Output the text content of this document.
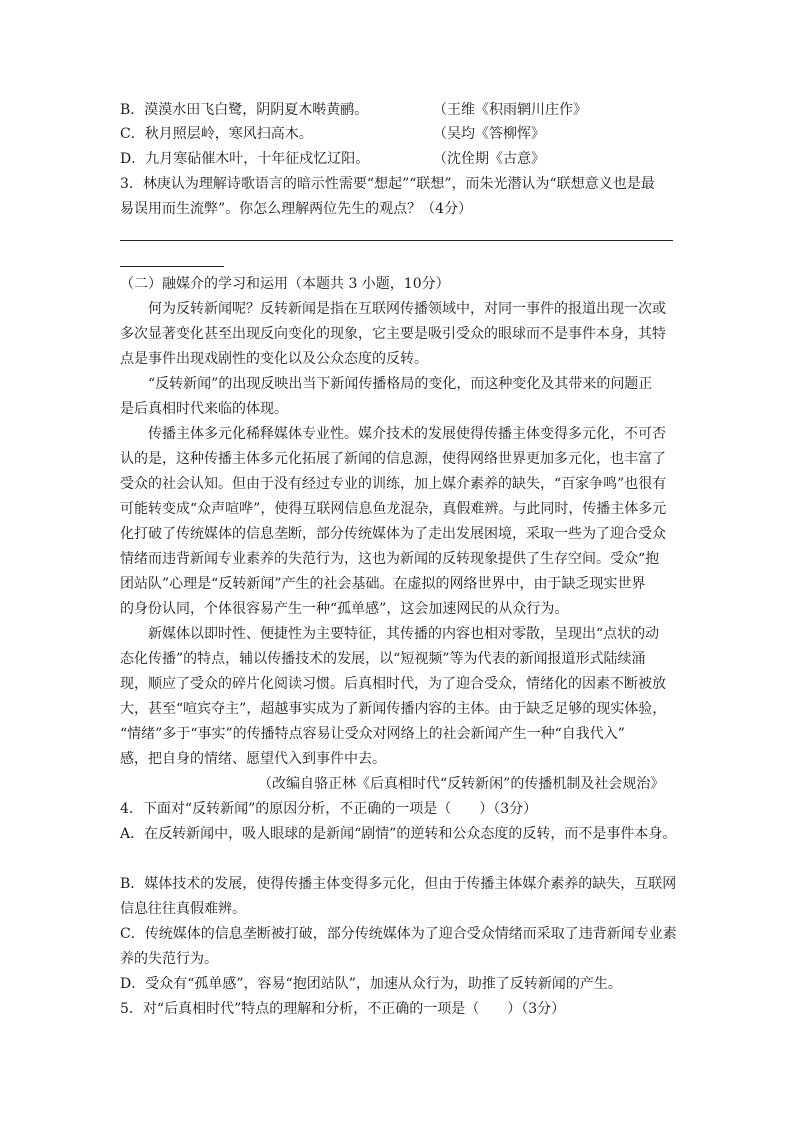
B．漠漠水田飞白鹭，阴阴夏木啭黄鹂。	（王维《积雨辋川庄作》
C．秋月照层岭，寒风扫高木。	（吴均《答柳恽》
D．九月寒砧催木叶，十年征戍忆辽阳。	（沈佺期《古意》
3．林庚认为理解诗歌语言的暗示性需要“想起”“联想”，而朱光潜认为“联想意义也是最
易误用而生流弊”。你怎么理解两位先生的观点？（4分）
（二）融媒介的学习和运用（本题共 3 小题，10分）
何为反转新闻呢？反转新闻是指在互联网传播领域中，对同一事件的报道出现一次或
多次显著变化甚至出现反向变化的现象，它主要是吸引受众的眼球而不是事件本身，其特
点是事件出现戏剧性的变化以及公众态度的反转。
“反转新闻”的出现反映出当下新闻传播格局的变化，而这种变化及其带来的问题正
是后真相时代来临的体现。
传播主体多元化稀释媒体专业性。媒介技术的发展使得传播主体变得多元化，不可否
认的是，这种传播主体多元化拓展了新闻的信息源，使得网络世界更加多元化，也丰富了
受众的社会认知。但由于没有经过专业的训练，加上媒介素养的缺失，“百家争鸣”也很有
可能转变成“众声喧哗”，使得互联网信息鱼龙混杂，真假难辨。与此同时，传播主体多元
化打破了传统媒体的信息垄断，部分传统媒体为了走出发展困境，采取一些为了迎合受众
情绪而违背新闻专业素养的失范行为，这也为新闻的反转现象提供了生存空间。受众“抱
团站队”心理是“反转新闻”产生的社会基础。在虚拟的网络世界中，由于缺乏现实世界
的身份认同，个体很容易产生一种“孤单感”，这会加速网民的从众行为。
新媒体以即时性、便捷性为主要特征，其传播的内容也相对零散，呈现出“点状的动
态化传播”的特点，辅以传播技术的发展，以“短视频”等为代表的新闻报道形式陆续涌
现，顺应了受众的碎片化阅读习惯。后真相时代，为了迎合受众，情绪化的因素不断被放
大，甚至“喧宾夺主”，超越事实成为了新闻传播内容的主体。由于缺乏足够的现实体验，
“情绪”多于“事实”的传播特点容易让受众对网络上的社会新闻产生一种“自我代入”
感，把自身的情绪、愿望代入到事件中去。
（改编自骆正林《后真相时代“反转新闲”的传播机制及社会规治》
4．下面对“反转新闻”的原因分析，不正确的一项是（　　）（3分）
A．在反转新闻中，吸人眼球的是新闻“剧情”的逆转和公众态度的反转，而不是事件本身。
B．媒体技术的发展，使得传播主体变得多元化，但由于传播主体媒介素养的缺失，互联网
信息往往真假难辨。
C．传统媒体的信息垄断被打破，部分传统媒体为了迎合受众情绪而采取了违背新闻专业素
养的失范行为。
D．受众有“孤单感”，容易“抱团站队”，加速从众行为，助推了反转新闻的产生。
5．对“后真相时代”特点的理解和分析，不正确的一项是（　　）（3分）
